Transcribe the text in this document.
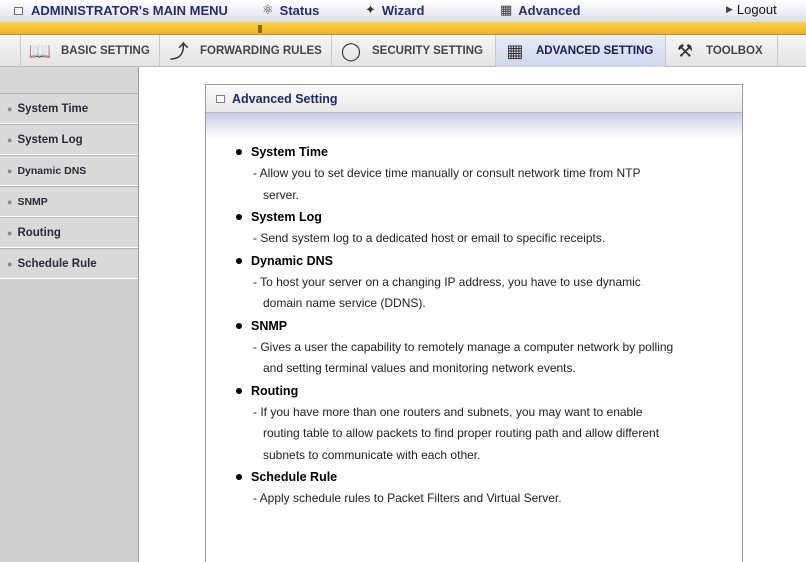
ADMINISTRATOR's MAIN MENU	⚛ Status	✦ Wizard	▦ Advanced	▶ Logout
📖 BASIC SETTING ⤴	FORWARDING RULES ◯ SECURITY SETTING ▦	ADVANCED SETTING ⚒	TOOLBOX
● System Time
● System Log
● Dynamic DNS
● SNMP
● Routing
● Schedule Rule
Advanced Setting
System Time
- Allow you to set device time manually or consult network time from NTP
server.
System Log
- Send system log to a dedicated host or email to specific receipts.
Dynamic DNS
- To host your server on a changing IP address, you have to use dynamic
domain name service (DDNS).
SNMP
- Gives a user the capability to remotely manage a computer network by polling
and setting terminal values and monitoring network events.
Routing
- If you have more than one routers and subnets, you may want to enable
routing table to allow packets to find proper routing path and allow different
subnets to communicate with each other.
Schedule Rule
- Apply schedule rules to Packet Filters and Virtual Server.
